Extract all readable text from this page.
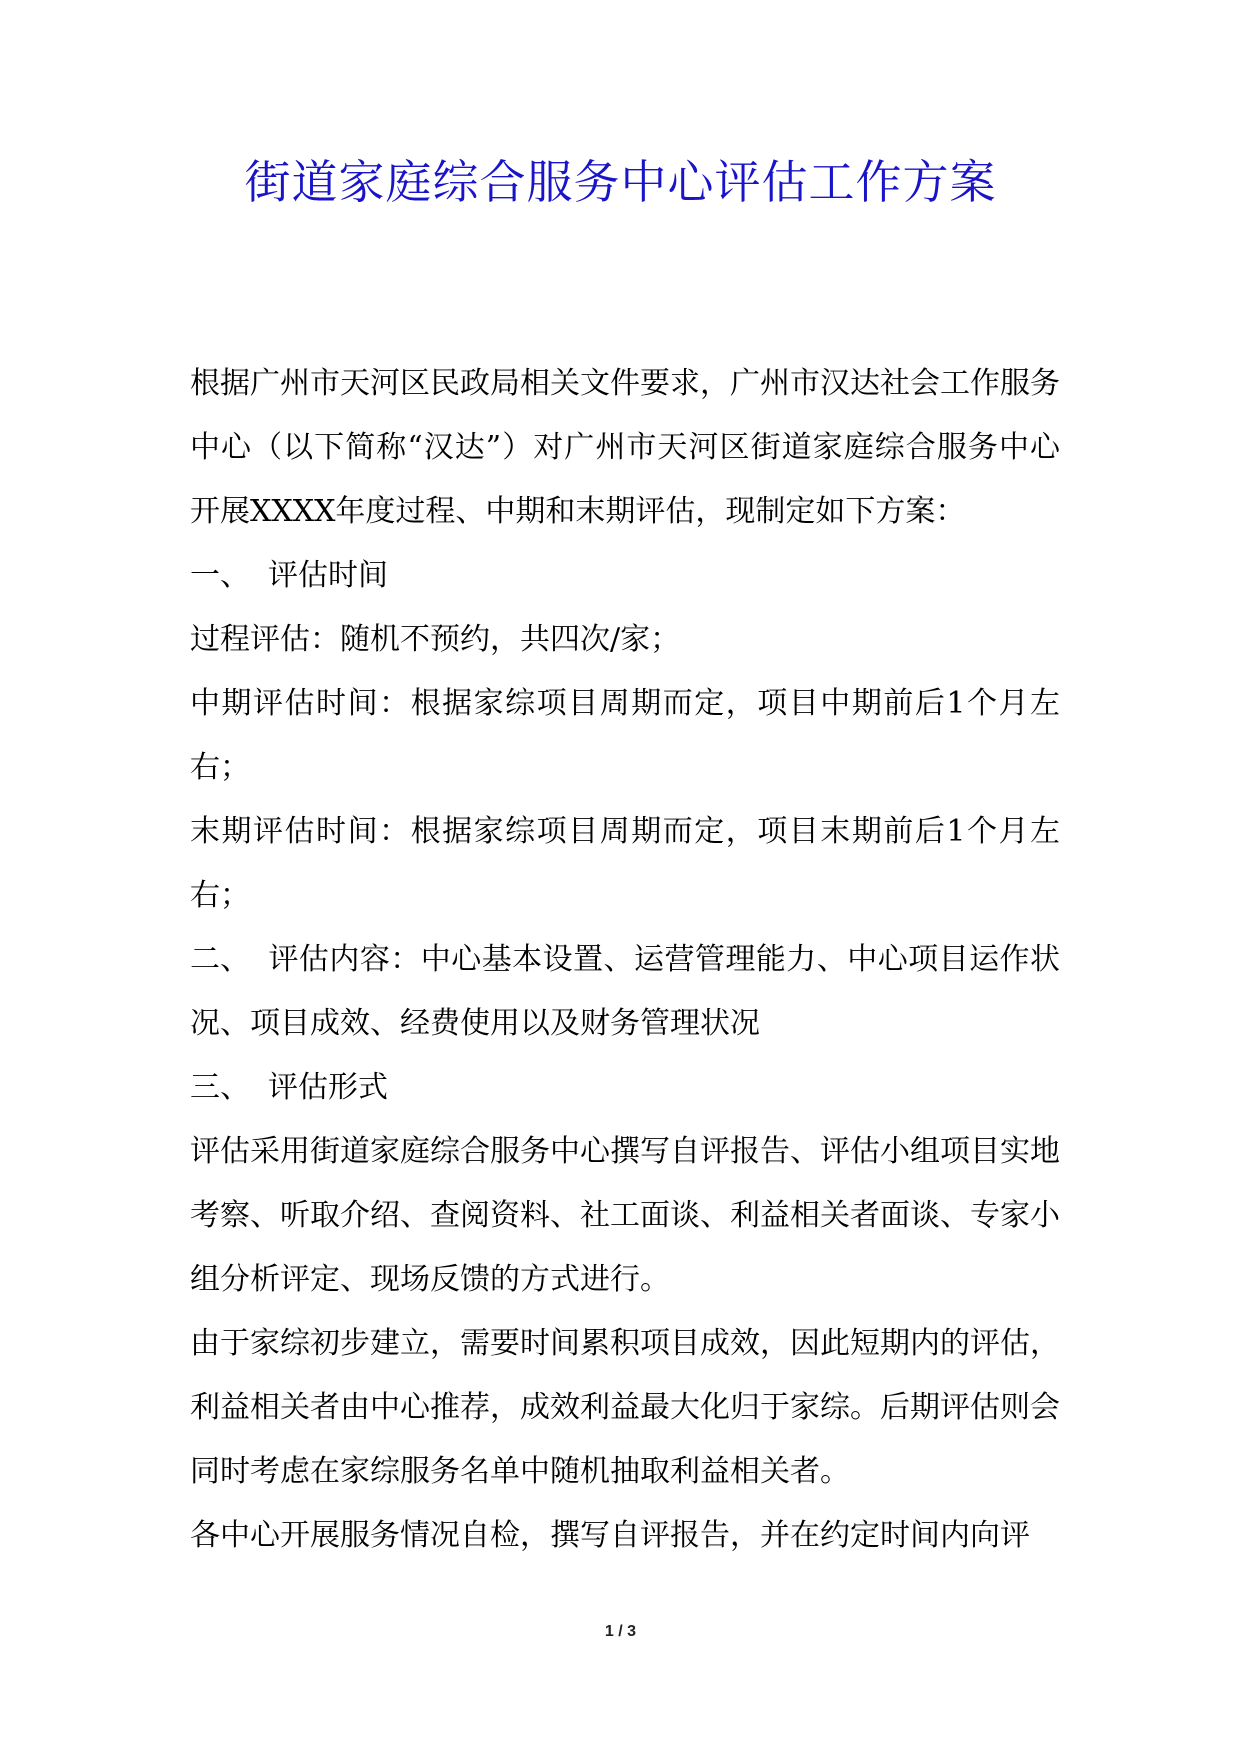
街道家庭综合服务中心评估工作方案

根据广州市天河区民政局相关文件要求，广州市汉达社会工作服务中心（以下简称“汉达”）对广州市天河区街道家庭综合服务中心开展XXXX年度过程、中期和末期评估，现制定如下方案：

一、 评估时间

过程评估：随机不预约，共四次/家；

中期评估时间：根据家综项目周期而定，项目中期前后1个月左右；

末期评估时间：根据家综项目周期而定，项目末期前后1个月左右；

二、 评估内容：中心基本设置、运营管理能力、中心项目运作状况、项目成效、经费使用以及财务管理状况

三、 评估形式

评估采用街道家庭综合服务中心撰写自评报告、评估小组项目实地考察、听取介绍、查阅资料、社工面谈、利益相关者面谈、专家小组分析评定、现场反馈的方式进行。

由于家综初步建立，需要时间累积项目成效，因此短期内的评估，利益相关者由中心推荐，成效利益最大化归于家综。后期评估则会同时考虑在家综服务名单中随机抽取利益相关者。

各中心开展服务情况自检，撰写自评报告，并在约定时间内向评

1 / 3
